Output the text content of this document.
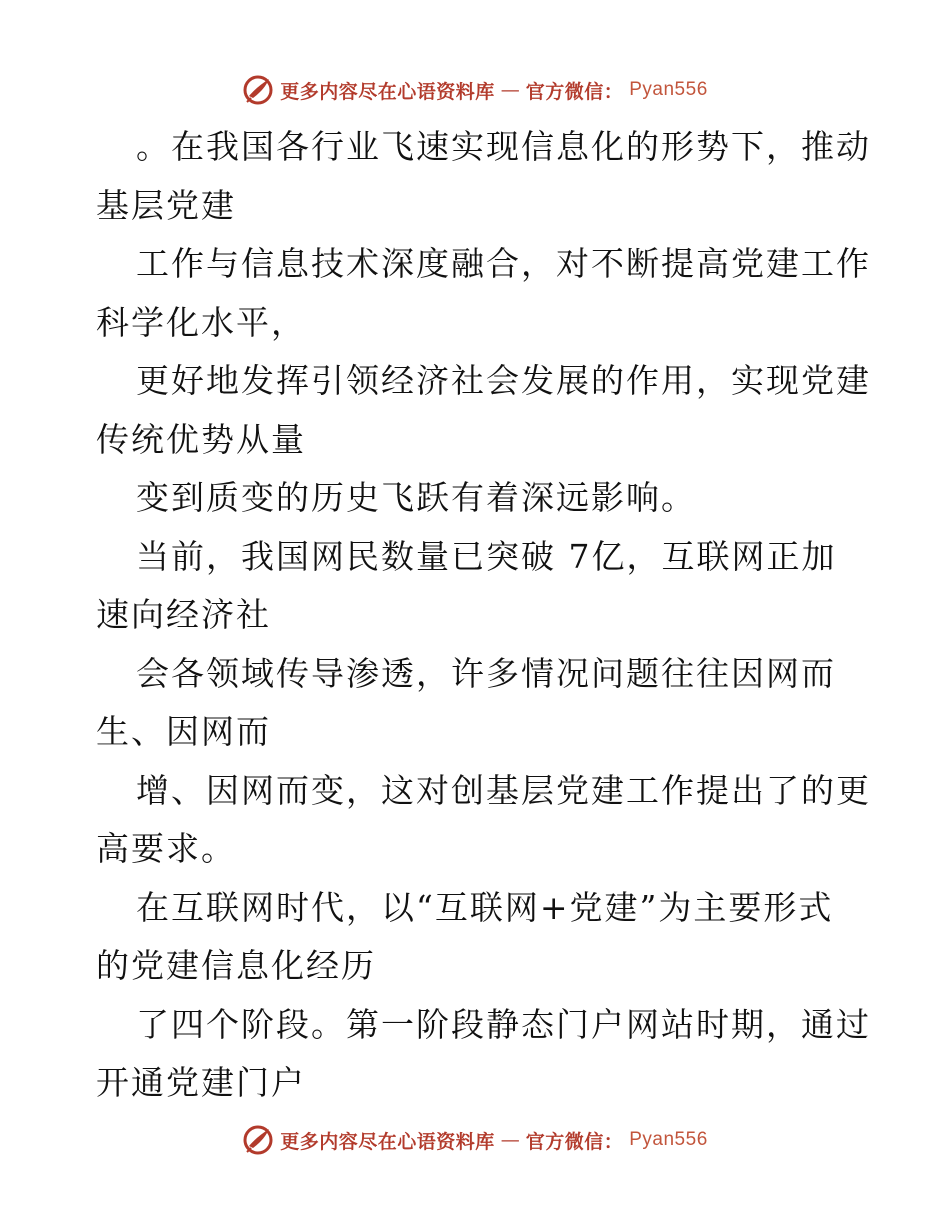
更多内容尽在心语资料库 — 官方微信： Pyan556
。在我国各行业飞速实现信息化的形势下，推动
基层党建
工作与信息技术深度融合，对不断提高党建工作
科学化水平，
更好地发挥引领经济社会发展的作用，实现党建
传统优势从量
变到质变的历史飞跃有着深远影响。
当前，我国网民数量已突破 7亿，互联网正加
速向经济社
会各领域传导渗透，许多情况问题往往因网而
生、因网而
增、因网而变，这对创基层党建工作提出了的更
高要求。
在互联网时代，以“互联网+党建”为主要形式
的党建信息化经历
了四个阶段。第一阶段静态门户网站时期，通过
开通党建门户
更多内容尽在心语资料库 — 官方微信： Pyan556
